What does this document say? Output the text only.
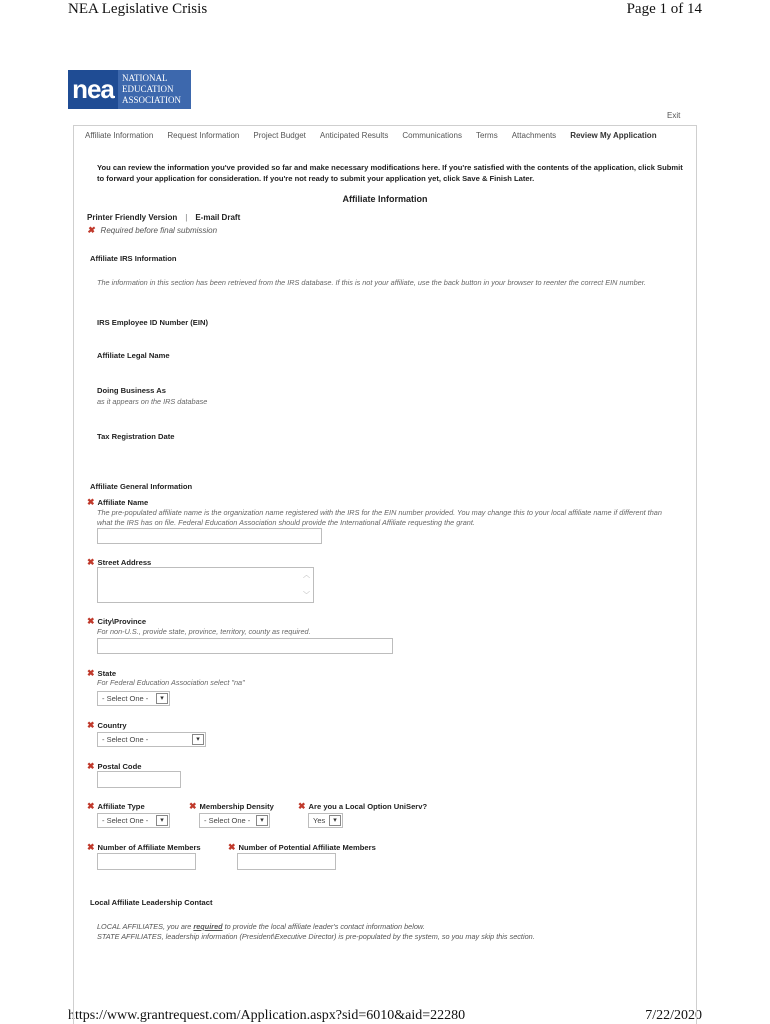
NEA Legislative Crisis	Page 1 of 14
https://www.grantrequest.com/Application.aspx?sid=6010&aid=22280	7/22/2020
nea NATIONAL
EDUCATION
ASSOCIATION
Exit
Affiliate Information Request Information Project Budget Anticipated Results Communications Terms Attachments Review My Application
You can review the information you've provided so far and make necessary modifications here. If you're satisfied with the contents of the application, click Submit to forward your application for consideration. If you're not ready to submit your application yet, click Save & Finish Later.
Affiliate Information
Printer Friendly Version | E-mail Draft
✖ Required before final submission
Affiliate IRS Information
The information in this section has been retrieved from the IRS database. If this is not your affiliate, use the back button in your browser to reenter the correct EIN number.
IRS Employee ID Number (EIN)
Affiliate Legal Name
Doing Business As
as it appears on the IRS database
Tax Registration Date
Affiliate General Information
✖ Affiliate Name
The pre-populated affiliate name is the organization name registered with the IRS for the EIN number provided. You may change this to your local affiliate name if different than what the IRS has on file. Federal Education Association should provide the International Affiliate requesting the grant.
✖ Street Address
︿
﹀
✖ City\Province
For non-U.S., provide state, province, territory, county as required.
✖ State
For Federal Education Association select "na"
- Select One -	▾
✖ Country
- Select One -	▾
✖ Postal Code
✖ Affiliate Type
- Select One -	▾
✖ Membership Density
- Select One -	▾
✖ Are you a Local Option UniServ?
Yes	▾
✖ Number of Affiliate Members	✖ Number of Potential Affiliate Members
Local Affiliate Leadership Contact
LOCAL AFFILIATES, you are required to provide the local affiliate leader's contact information below.
STATE AFFILIATES, leadership information (President\Executive Director) is pre-populated by the system, so you may skip this section.
